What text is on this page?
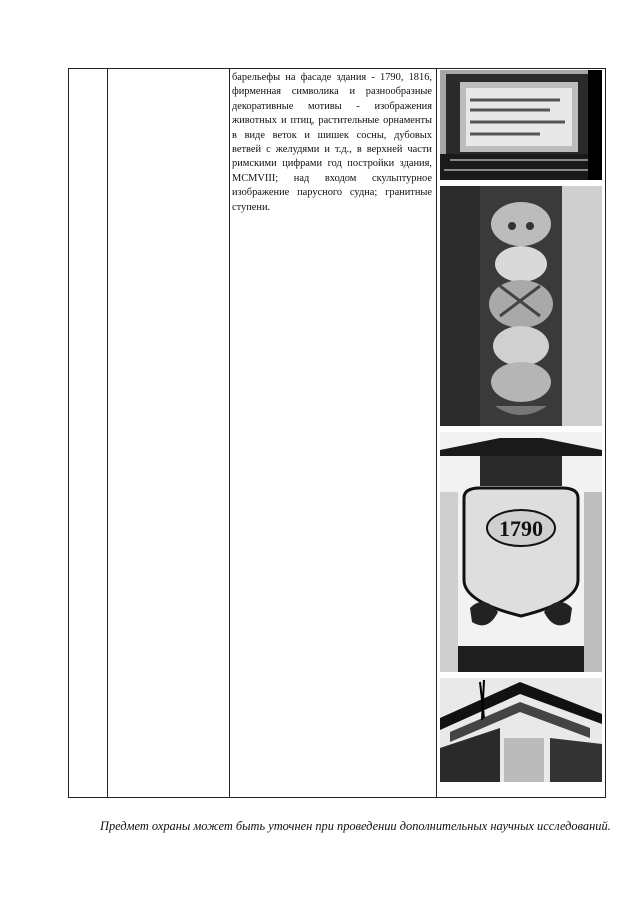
барельефы на фасаде здания - 1790, 1816, фирменная символика и разнообразные декоративные мотивы - изображения животных и птиц, растительные орнаменты в виде веток и шишек сосны, дубовых ветвей с желудями и т.д., в верхней части римскими цифрами год постройки здания, MCMVIII; над входом скульптурное изображение парусного судна; гранитные ступени.
1790
Предмет охраны может быть уточнен при проведении дополнительных научных исследований.
